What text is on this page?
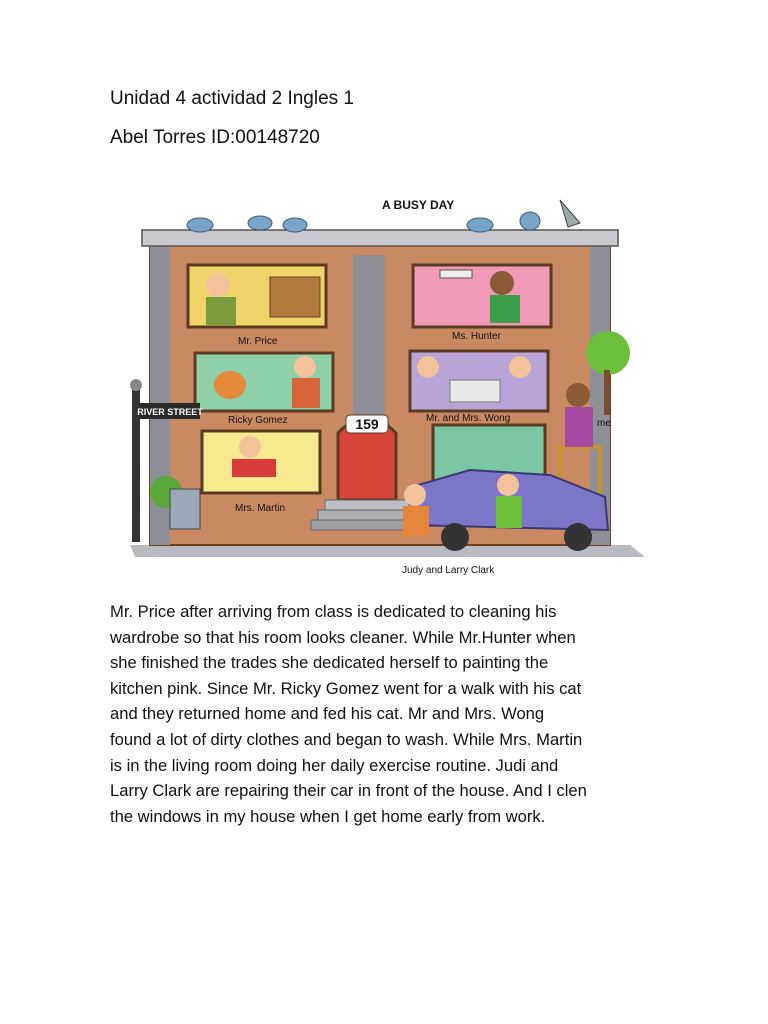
Unidad 4 actividad 2 Ingles 1
Abel Torres ID:00148720
A BUSY DAY
159
RIVER STREET
Mr. Price	Ms. Hunter
Ricky Gomez	Mr. and Mrs. Wong
Mrs. Martin
me
Judy and Larry Clark
Mr. Price after arriving from class is dedicated to cleaning his
wardrobe so that his room looks cleaner. While Mr.Hunter when
she finished the trades she dedicated herself to painting the
kitchen pink. Since Mr. Ricky Gomez went for a walk with his cat
and they returned home and fed his cat. Mr and Mrs. Wong
found a lot of dirty clothes and began to wash. While Mrs. Martin
is in the living room doing her daily exercise routine. Judi and
Larry Clark are repairing their car in front of the house. And I clen
the windows in my house when I get home early from work.
